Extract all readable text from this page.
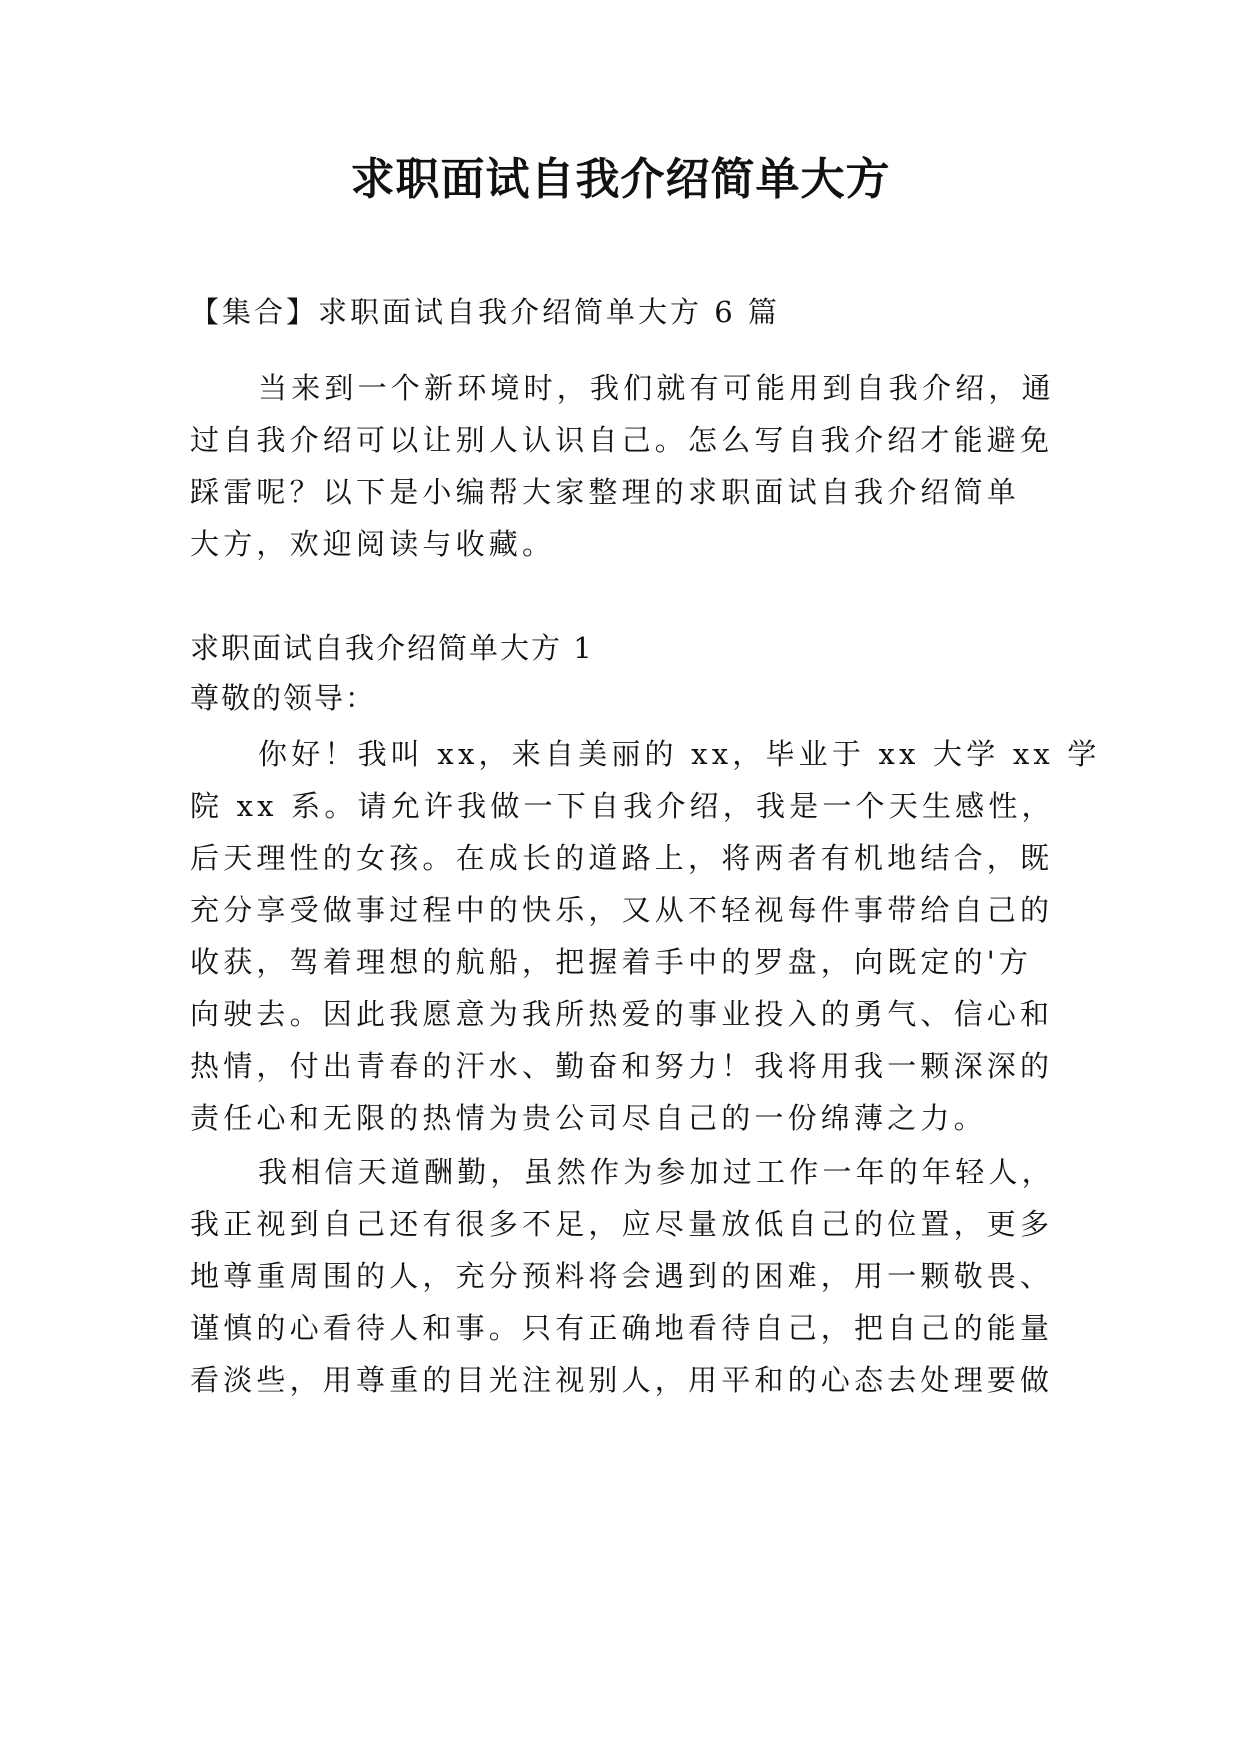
求职面试自我介绍简单大方
【集合】求职面试自我介绍简单大方 6 篇
当来到一个新环境时，我们就有可能用到自我介绍，通
过自我介绍可以让别人认识自己。怎么写自我介绍才能避免
踩雷呢？以下是小编帮大家整理的求职面试自我介绍简单
大方，欢迎阅读与收藏。
求职面试自我介绍简单大方 1
尊敬的领导：
你好！我叫 xx，来自美丽的 xx，毕业于 xx 大学 xx 学
院 xx 系。请允许我做一下自我介绍，我是一个天生感性，
后天理性的女孩。在成长的道路上，将两者有机地结合，既
充分享受做事过程中的快乐，又从不轻视每件事带给自己的
收获，驾着理想的航船，把握着手中的罗盘，向既定的'方
向驶去。因此我愿意为我所热爱的事业投入的勇气、信心和
热情，付出青春的汗水、勤奋和努力！我将用我一颗深深的
责任心和无限的热情为贵公司尽自己的一份绵薄之力。
我相信天道酬勤，虽然作为参加过工作一年的年轻人，
我正视到自己还有很多不足，应尽量放低自己的位置，更多
地尊重周围的人，充分预料将会遇到的困难，用一颗敬畏、
谨慎的心看待人和事。只有正确地看待自己，把自己的能量
看淡些，用尊重的目光注视别人，用平和的心态去处理要做
